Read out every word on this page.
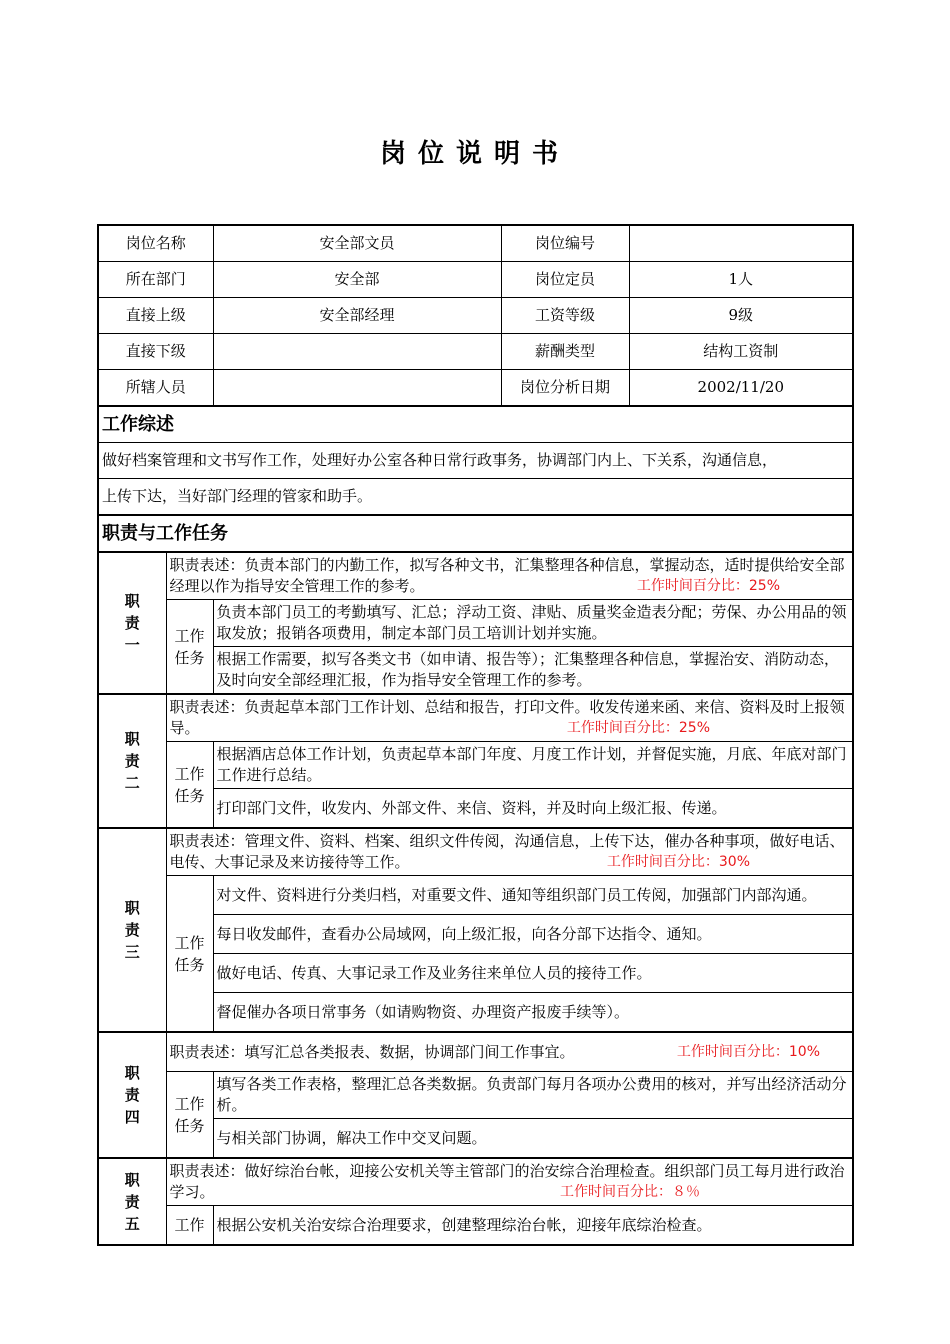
岗位说明书
岗位名称		安全部文员	岗位编号	
所在部门		安全部	岗位定员	1人
直接上级		安全部经理	工资等级	9级
直接下级			薪酬类型	结构工资制
所辖人员			岗位分析日期	2002/11/20
工作综述				
做好档案管理和文书写作工作，处理好办公室各种日常行政事务，协调部门内上、下关系，沟通信息，				
上传下达，当好部门经理的管家和助手。				
职责与工作任务				

职
责
一	职责表述：负责本部门的内勤工作，拟写各种文书，汇集整理各种信息，掌握动态，适时提供给安全部经理以作为指导安全管理工作的参考。 工作时间百分比：25%			

	工作
任务	负责本部门员工的考勤填写、汇总；浮动工资、津贴、质量奖金造表分配；劳保、办公用品的领取发放；报销各项费用，制定本部门员工培训计划并实施。		
		根据工作需要，拟写各类文书（如申请、报告等）；汇集整理各种信息，掌握治安、消防动态，及时向安全部经理汇报，作为指导安全管理工作的参考。		

职
责
二	职责表述：负责起草本部门工作计划、总结和报告，打印文件。收发传递来函、来信、资料及时上报领导。 工作时间百分比：25%			

	工作
任务	根据酒店总体工作计划，负责起草本部门年度、月度工作计划，并督促实施，月底、年底对部门工作进行总结。		
		打印部门文件，收发内、外部文件、来信、资料，并及时向上级汇报、传递。		

职
责
三	职责表述：管理文件、资料、档案、组织文件传阅，沟通信息，上传下达，催办各种事项，做好电话、电传、大事记录及来访接待等工作。 工作时间百分比：30%			

	工作
任务	对文件、资料进行分类归档，对重要文件、通知等组织部门员工传阅，加强部门内部沟通。		
		每日收发邮件，查看办公局域网，向上级汇报，向各分部下达指令、通知。		
		做好电话、传真、大事记录工作及业务往来单位人员的接待工作。		
		督促催办各项日常事务（如请购物资、办理资产报废手续等）。		

职
责
四	职责表述：填写汇总各类报表、数据，协调部门间工作事宜。 工作时间百分比：10%			

	工作
任务	填写各类工作表格，整理汇总各类数据。负责部门每月各项办公费用的核对，并写出经济活动分析。		
		与相关部门协调，解决工作中交叉问题。		

职
责
五	职责表述：做好综治台帐，迎接公安机关等主管部门的治安综合治理检查。组织部门员工每月进行政治学习。 工作时间百分比：８％			

	工作	根据公安机关治安综合治理要求，创建整理综治台帐，迎接年底综治检查。		
